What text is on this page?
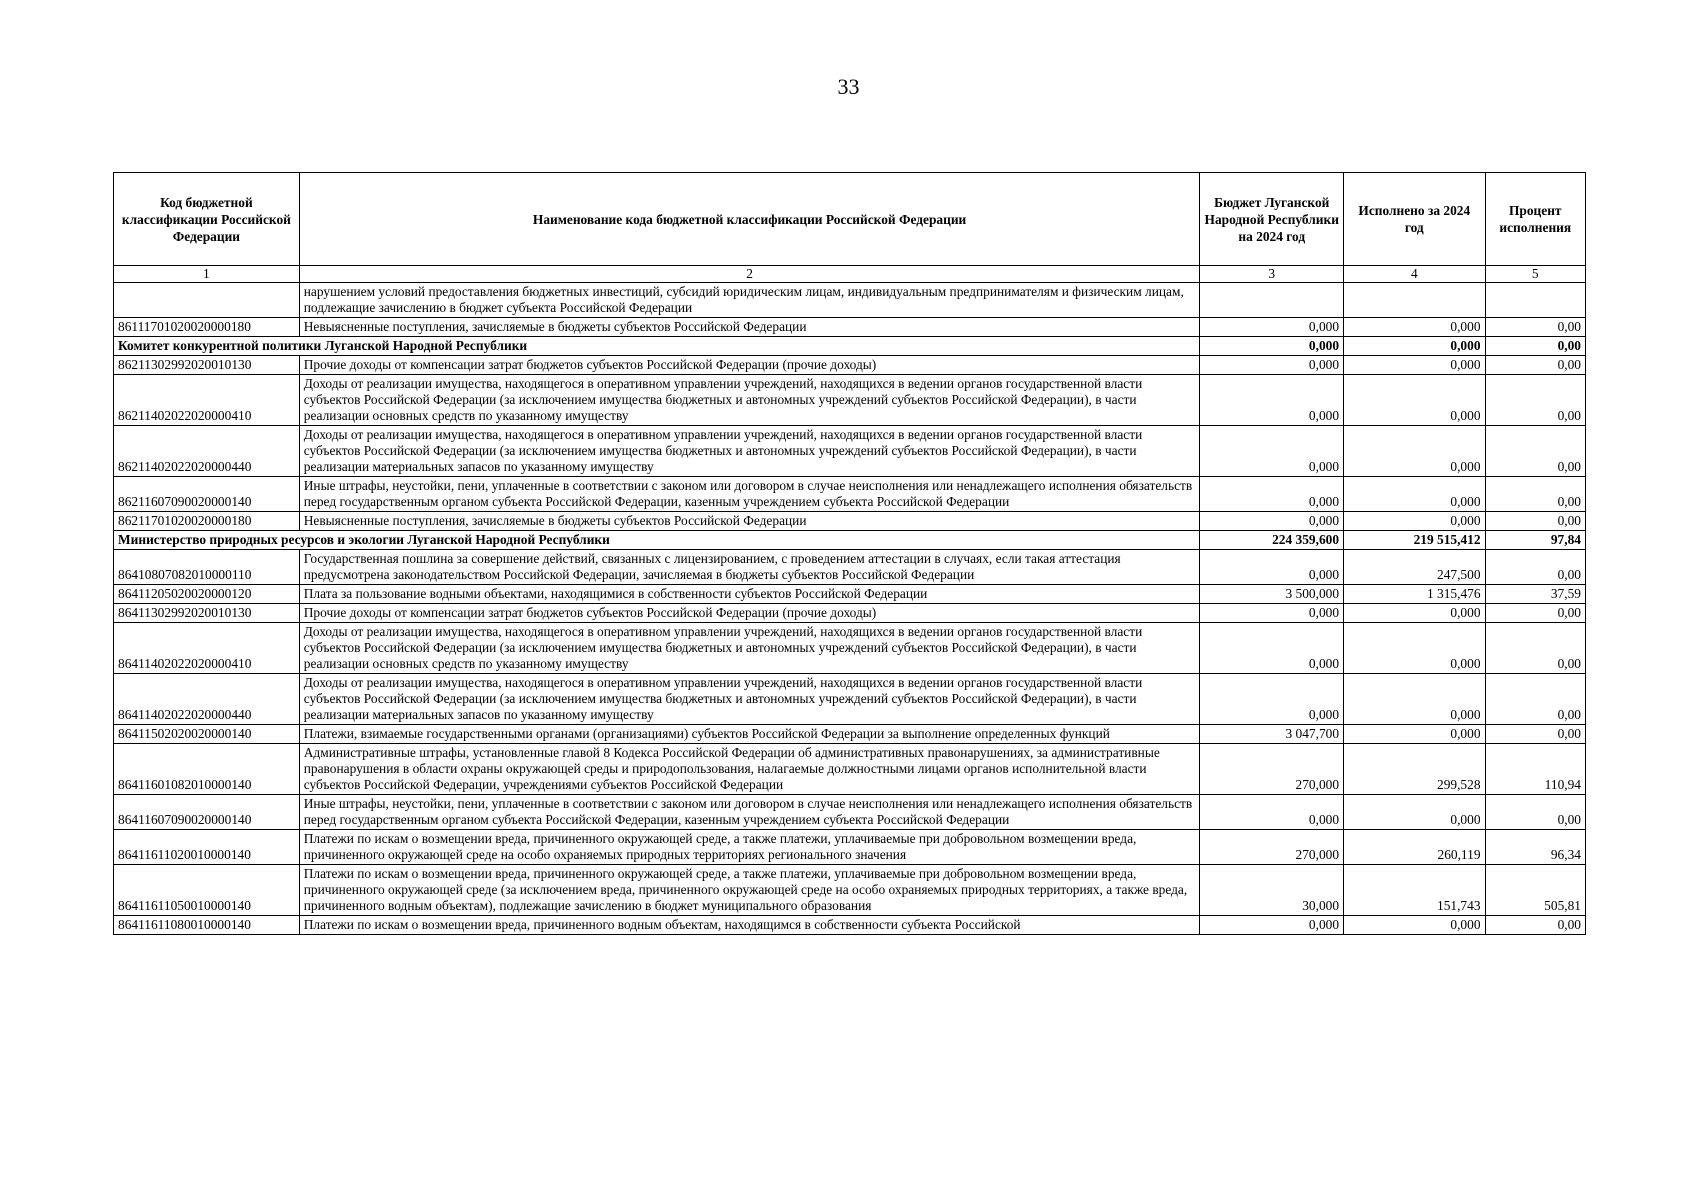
33
Код бюджетной классификации Российской Федерации	Наименование кода бюджетной классификации Российской Федерации	Бюджет Луганской Народной Республики на 2024 год	Исполнено за 2024 год	Процент исполнения
1	2	3	4	5
	нарушением условий предоставления бюджетных инвестиций, субсидий юридическим лицам, индивидуальным предпринимателям и физическим лицам, подлежащие зачислению в бюджет субъекта Российской Федерации			
86111701020020000180	Невыясненные поступления, зачисляемые в бюджеты субъектов Российской Федерации	0,000	0,000	0,00
Комитет конкурентной политики Луганской Народной Республики		0,000	0,000	0,00
86211302992020010130	Прочие доходы от компенсации затрат бюджетов субъектов Российской Федерации (прочие доходы)	0,000	0,000	0,00
86211402022020000410	Доходы от реализации имущества, находящегося в оперативном управлении учреждений, находящихся в ведении органов государственной власти субъектов Российской Федерации (за исключением имущества бюджетных и автономных учреждений субъектов Российской Федерации), в части реализации основных средств по указанному имуществу	0,000	0,000	0,00
86211402022020000440	Доходы от реализации имущества, находящегося в оперативном управлении учреждений, находящихся в ведении органов государственной власти субъектов Российской Федерации (за исключением имущества бюджетных и автономных учреждений субъектов Российской Федерации), в части реализации материальных запасов по указанному имуществу	0,000	0,000	0,00
86211607090020000140	Иные штрафы, неустойки, пени, уплаченные в соответствии с законом или договором в случае неисполнения или ненадлежащего исполнения обязательств перед государственным органом субъекта Российской Федерации, казенным учреждением субъекта Российской Федерации	0,000	0,000	0,00
86211701020020000180	Невыясненные поступления, зачисляемые в бюджеты субъектов Российской Федерации	0,000	0,000	0,00
Министерство природных ресурсов и экологии Луганской Народной Республики		224 359,600	219 515,412	97,84
86410807082010000110	Государственная пошлина за совершение действий, связанных с лицензированием, с проведением аттестации в случаях, если такая аттестация предусмотрена законодательством Российской Федерации, зачисляемая в бюджеты субъектов Российской Федерации	0,000	247,500	0,00
86411205020020000120	Плата за пользование водными объектами, находящимися в собственности субъектов Российской Федерации	3 500,000	1 315,476	37,59
86411302992020010130	Прочие доходы от компенсации затрат бюджетов субъектов Российской Федерации (прочие доходы)	0,000	0,000	0,00
86411402022020000410	Доходы от реализации имущества, находящегося в оперативном управлении учреждений, находящихся в ведении органов государственной власти субъектов Российской Федерации (за исключением имущества бюджетных и автономных учреждений субъектов Российской Федерации), в части реализации основных средств по указанному имуществу	0,000	0,000	0,00
86411402022020000440	Доходы от реализации имущества, находящегося в оперативном управлении учреждений, находящихся в ведении органов государственной власти субъектов Российской Федерации (за исключением имущества бюджетных и автономных учреждений субъектов Российской Федерации), в части реализации материальных запасов по указанному имуществу	0,000	0,000	0,00
86411502020020000140	Платежи, взимаемые государственными органами (организациями) субъектов Российской Федерации за выполнение определенных функций	3 047,700	0,000	0,00
86411601082010000140	Административные штрафы, установленные главой 8 Кодекса Российской Федерации об административных правонарушениях, за административные правонарушения в области охраны окружающей среды и природопользования, налагаемые должностными лицами органов исполнительной власти субъектов Российской Федерации, учреждениями субъектов Российской Федерации	270,000	299,528	110,94
86411607090020000140	Иные штрафы, неустойки, пени, уплаченные в соответствии с законом или договором в случае неисполнения или ненадлежащего исполнения обязательств перед государственным органом субъекта Российской Федерации, казенным учреждением субъекта Российской Федерации	0,000	0,000	0,00
86411611020010000140	Платежи по искам о возмещении вреда, причиненного окружающей среде, а также платежи, уплачиваемые при добровольном возмещении вреда, причиненного окружающей среде на особо охраняемых природных территориях регионального значения	270,000	260,119	96,34
86411611050010000140	Платежи по искам о возмещении вреда, причиненного окружающей среде, а также платежи, уплачиваемые при добровольном возмещении вреда, причиненного окружающей среде (за исключением вреда, причиненного окружающей среде на особо охраняемых природных территориях, а также вреда, причиненного водным объектам), подлежащие зачислению в бюджет муниципального образования	30,000	151,743	505,81
86411611080010000140	Платежи по искам о возмещении вреда, причиненного водным объектам, находящимся в собственности субъекта Российской	0,000	0,000	0,00
